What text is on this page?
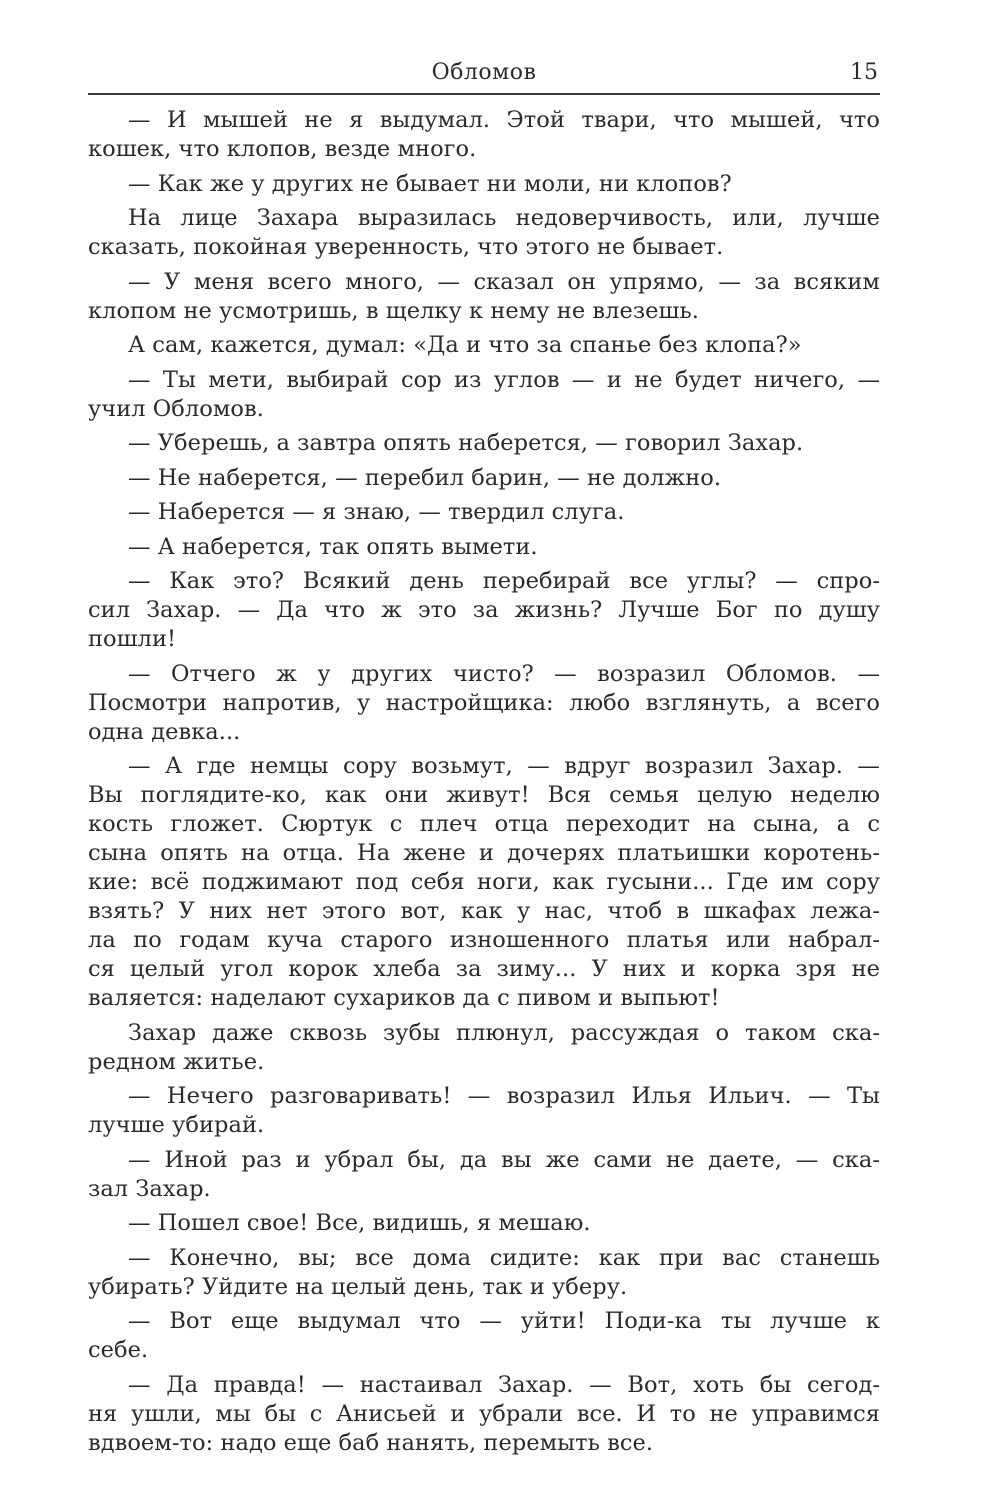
Обломов	15
— И мышей не я выдумал. Этой твари, что мышей, что
кошек, что клопов, везде много.
— Как же у других не бывает ни моли, ни клопов?
На лице Захара выразилась недоверчивость, или, лучше
сказать, покойная уверенность, что этого не бывает.
— У меня всего много, — сказал он упрямо, — за всяким
клопом не усмотришь, в щелку к нему не влезешь.
А сам, кажется, думал: «Да и что за спанье без клопа?»
— Ты мети, выбирай сор из углов — и не будет ничего, —
учил Обломов.
— Уберешь, а завтра опять наберется, — говорил Захар.
— Не наберется, — перебил барин, — не должно.
— Наберется — я знаю, — твердил слуга.
— А наберется, так опять вымети.
— Как это? Всякий день перебирай все углы? — спро-
сил Захар. — Да что ж это за жизнь? Лучше Бог по душу
пошли!
— Отчего ж у других чисто? — возразил Обломов. —
Посмотри напротив, у настройщика: любо взглянуть, а всего
одна девка...
— А где немцы сору возьмут, — вдруг возразил Захар. —
Вы поглядите-ко, как они живут! Вся семья целую неделю
кость гложет. Сюртук с плеч отца переходит на сына, а с
сына опять на отца. На жене и дочерях платьишки коротень-
кие: всё поджимают под себя ноги, как гусыни... Где им сору
взять? У них нет этого вот, как у нас, чтоб в шкафах лежа-
ла по годам куча старого изношенного платья или набрал-
ся целый угол корок хлеба за зиму... У них и корка зря не
валяется: наделают сухариков да с пивом и выпьют!
Захар даже сквозь зубы плюнул, рассуждая о таком ска-
редном житье.
— Нечего разговаривать! — возразил Илья Ильич. — Ты
лучше убирай.
— Иной раз и убрал бы, да вы же сами не даете, — ска-
зал Захар.
— Пошел свое! Все, видишь, я мешаю.
— Конечно, вы; все дома сидите: как при вас станешь
убирать? Уйдите на целый день, так и уберу.
— Вот еще выдумал что — уйти! Поди-ка ты лучше к
себе.
— Да правда! — настаивал Захар. — Вот, хоть бы сегод-
ня ушли, мы бы с Анисьей и убрали все. И то не управимся
вдвоем-то: надо еще баб нанять, перемыть все.
